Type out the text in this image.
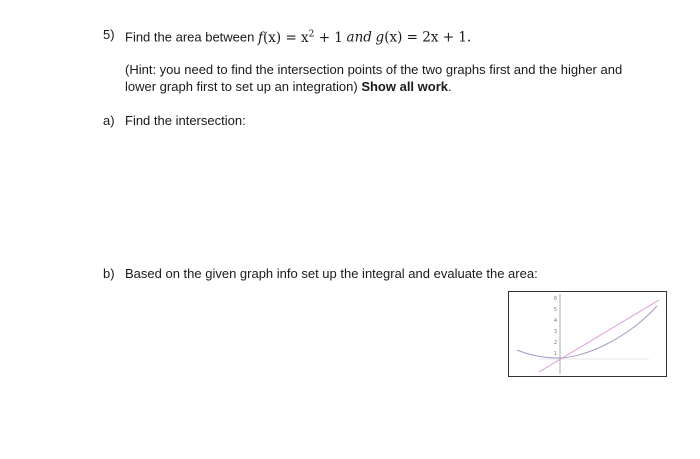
5) Find the area between $f(x) = x^2 + 1$ and g(x) = 2x + 1.
(Hint: you need to find the intersection points of the two graphs first and the higher and
lower graph first to set up an integration) Show all work.
a) Find the intersection:
b) Based on the given graph info set up the integral and evaluate the area:
6
5
4
3
2
1
